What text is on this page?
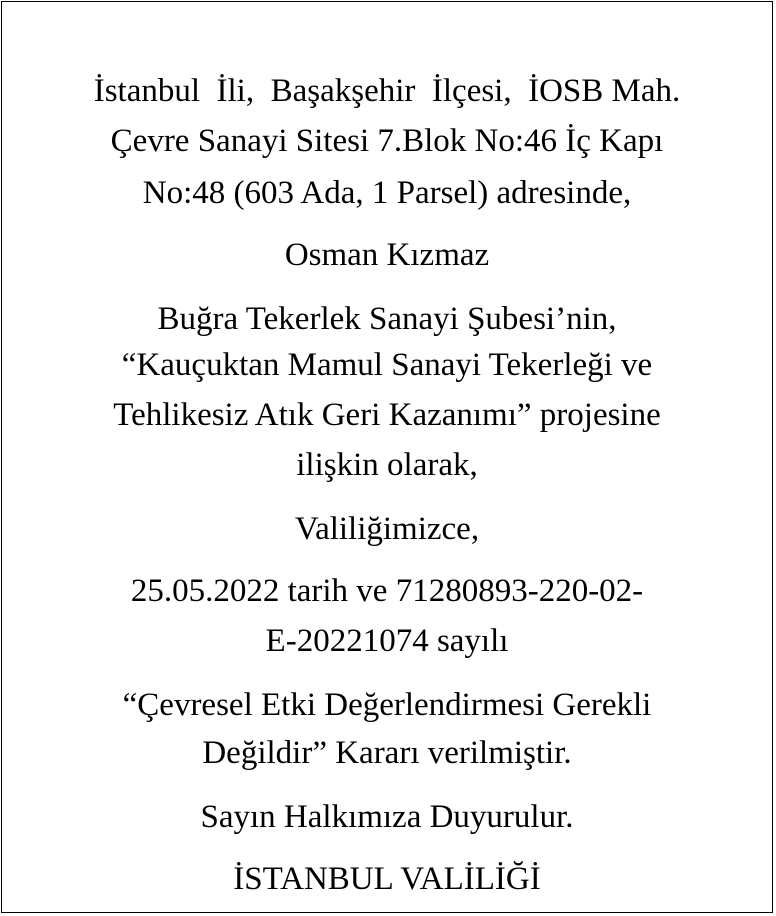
İstanbul  İli,  Başakşehir  İlçesi,  İOSB Mah.
Çevre Sanayi Sitesi 7.Blok No:46 İç Kapı
No:48 (603 Ada, 1 Parsel) adresinde,
Osman Kızmaz
Buğra Tekerlek Sanayi Şubesi’nin,
“Kauçuktan Mamul Sanayi Tekerleği ve
Tehlikesiz Atık Geri Kazanımı” projesine
ilişkin olarak,
Valiliğimizce,
25.05.2022 tarih ve 71280893-220-02-
E-20221074 sayılı
“Çevresel Etki Değerlendirmesi Gerekli
Değildir” Kararı verilmiştir.
Sayın Halkımıza Duyurulur.
İSTANBUL VALİLİĞİ
